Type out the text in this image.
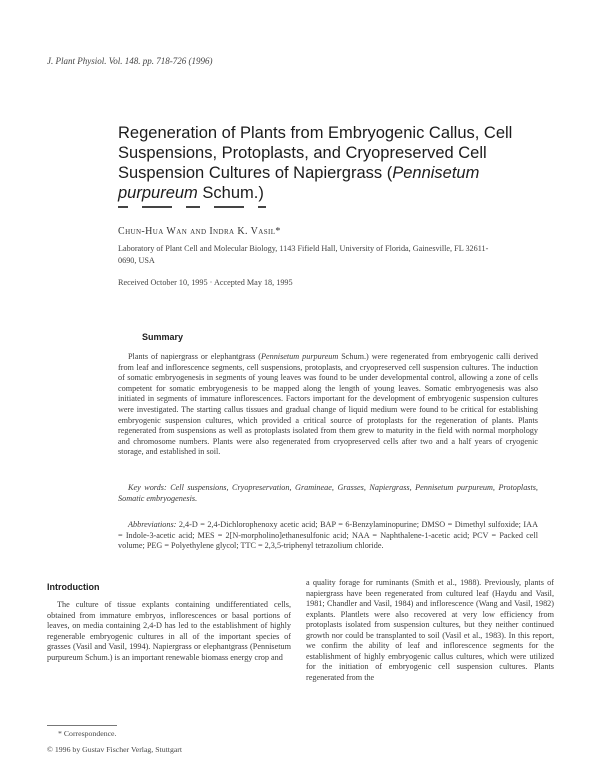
J. Plant Physiol. Vol. 148. pp. 718-726 (1996)
Regeneration of Plants from Embryogenic Callus, Cell Suspensions, Protoplasts, and Cryopreserved Cell Suspension Cultures of Napiergrass (Pennisetum purpureum Schum.)
Chun-Hua Wan and Indra K. Vasil*
Laboratory of Plant Cell and Molecular Biology, 1143 Fifield Hall, University of Florida, Gainesville, FL 32611-0690, USA
Received October 10, 1995 · Accepted May 18, 1995
Summary
Plants of napiergrass or elephantgrass (Pennisetum purpureum Schum.) were regenerated from embryogenic calli derived from leaf and inflorescence segments, cell suspensions, protoplasts, and cryopreserved cell suspension cultures. The induction of somatic embryogenesis in segments of young leaves was found to be under developmental control, allowing a zone of cells competent for somatic embryogenesis to be mapped along the length of young leaves. Somatic embryogenesis was also initiated in segments of immature inflorescences. Factors important for the development of embryogenic suspension cultures were investigated. The starting callus tissues and gradual change of liquid medium were found to be critical for establishing embryogenic suspension cultures, which provided a critical source of protoplasts for the regeneration of plants. Plants regenerated from suspensions as well as protoplasts isolated from them grew to maturity in the field with normal morphology and chromosome numbers. Plants were also regenerated from cryopreserved cells after two and a half years of cryogenic storage, and established in soil.
Key words: Cell suspensions, Cryopreservation, Gramineae, Grasses, Napiergrass, Pennisetum purpureum, Protoplasts, Somatic embryogenesis.
Abbreviations: 2,4-D = 2,4-Dichlorophenoxy acetic acid; BAP = 6-Benzylaminopurine; DMSO = Dimethyl sulfoxide; IAA = Indole-3-acetic acid; MES = 2[N-morpholino]ethanesulfonic acid; NAA = Naphthalene-1-acetic acid; PCV = Packed cell volume; PEG = Polyethylene glycol; TTC = 2,3,5-triphenyl tetrazolium chloride.
Introduction
The culture of tissue explants containing undifferentiated cells, obtained from immature embryos, inflorescences or basal portions of leaves, on media containing 2,4-D has led to the establishment of highly regenerable embryogenic cultures in all of the important species of grasses (Vasil and Vasil, 1994). Napiergrass or elephantgrass (Pennisetum purpureum Schum.) is an important renewable biomass energy crop and
a quality forage for ruminants (Smith et al., 1988). Previously, plants of napiergrass have been regenerated from cultured leaf (Haydu and Vasil, 1981; Chandler and Vasil, 1984) and inflorescence (Wang and Vasil, 1982) explants. Plantlets were also recovered at very low efficiency from protoplasts isolated from suspension cultures, but they neither continued growth nor could be transplanted to soil (Vasil et al., 1983). In this report, we confirm the ability of leaf and inflorescence segments for the establishment of highly embryogenic callus cultures, which were utilized for the initiation of embryogenic cell suspension cultures. Plants regenerated from the
* Correspondence.
© 1996 by Gustav Fischer Verlag, Stuttgart
